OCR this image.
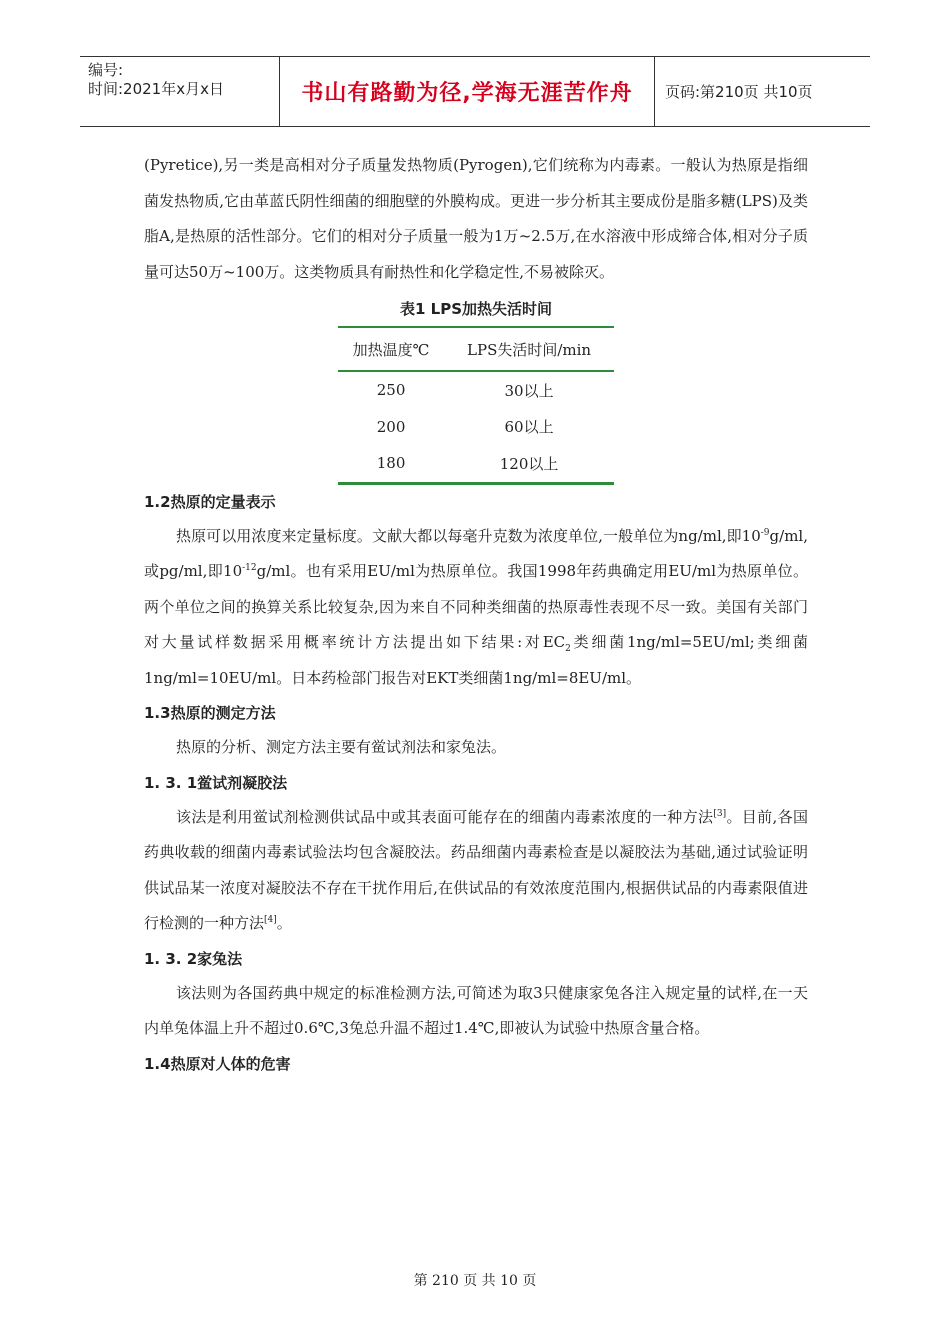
编号:
时间:2021年x月x日	书山有路勤为径,学海无涯苦作舟	页码:第210页 共10页

(Pyretice),另一类是高相对分子质量发热物质(Pyrogen),它们统称为内毒素。一般认为热原是指细菌发热物质,它由革蓝氏阴性细菌的细胞壁的外膜构成。更进一步分析其主要成份是脂多糖(LPS)及类脂A,是热原的活性部分。它们的相对分子质量一般为1万~2.5万,在水溶液中形成缔合体,相对分子质量可达50万~100万。这类物质具有耐热性和化学稳定性,不易被除灭。

表1 LPS加热失活时间
加热温度℃	LPS失活时间/min
250	30以上
200	60以上
180	120以上
1.2热原的定量表示

热原可以用浓度来定量标度。文献大都以每毫升克数为浓度单位,一般单位为ng/ml,即$10^{-9}g/ml$,或pg/ml,即$10^{-12}g/ml$。也有采用EU/ml为热原单位。我国1998年药典确定用EU/ml为热原单位。两个单位之间的换算关系比较复杂,因为来自不同种类细菌的热原毒性表现不尽一致。美国有关部门对大量试样数据采用概率统计方法提出如下结果:对$EC_2$类细菌1ng/ml=5EU/ml;类细菌1ng/ml=10EU/ml。日本药检部门报告对EKT类细菌1ng/ml=8EU/ml。

1.3热原的测定方法

热原的分析、测定方法主要有鲎试剂法和家兔法。

1. 3. 1鲎试剂凝胶法

该法是利用鲎试剂检测供试品中或其表面可能存在的细菌内毒素浓度的一种方法[3]。目前,各国药典收载的细菌内毒素试验法均包含凝胶法。药品细菌内毒素检查是以凝胶法为基础,通过试验证明供试品某一浓度对凝胶法不存在干扰作用后,在供试品的有效浓度范围内,根据供试品的内毒素限值进行检测的一种方法[4]。

1. 3. 2家兔法

该法则为各国药典中规定的标准检测方法,可简述为取3只健康家兔各注入规定量的试样,在一天内单兔体温上升不超过0.6℃,3兔总升温不超过1.4℃,即被认为试验中热原含量合格。

1.4热原对人体的危害
第 210 页 共 10 页
